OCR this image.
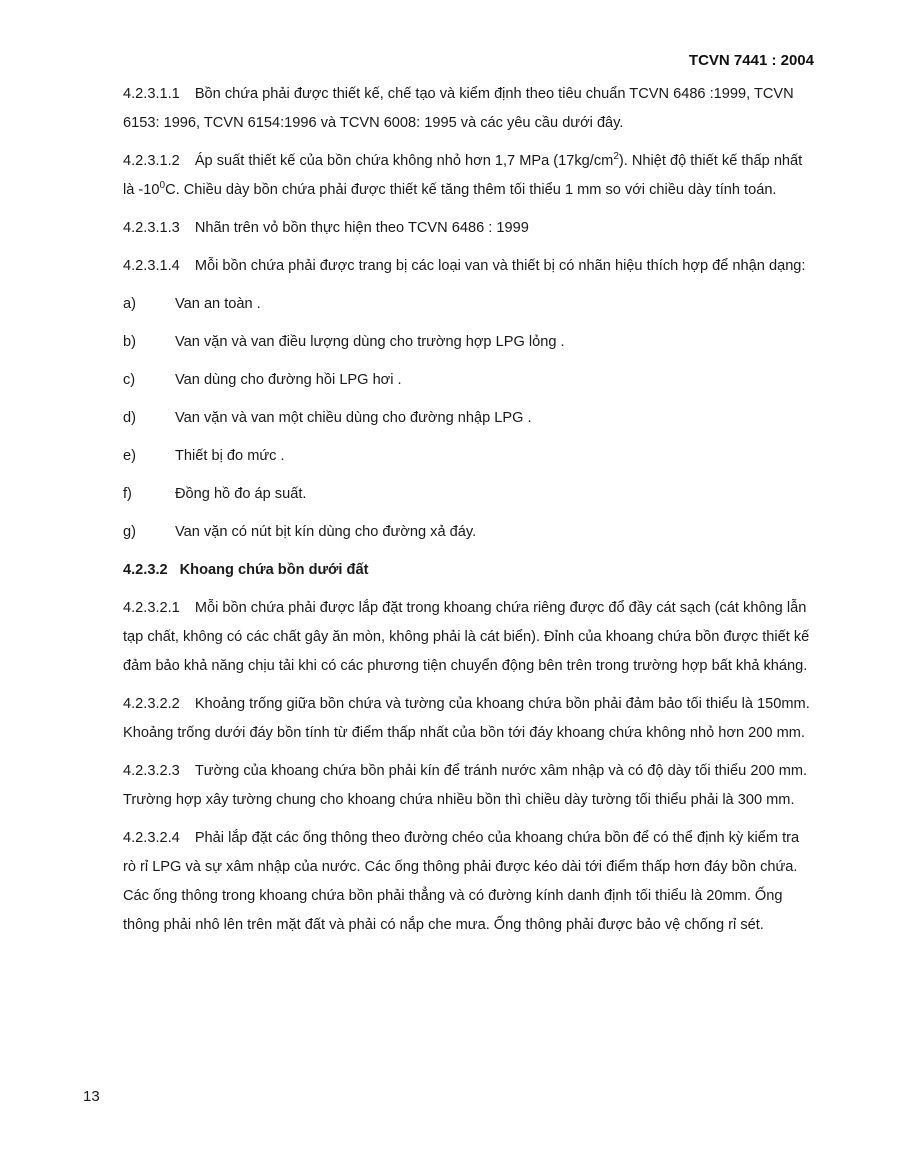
TCVN 7441 : 2004

4.2.3.1.1 Bồn chứa phải được thiết kế, chế tạo và kiểm định theo tiêu chuẩn TCVN 6486 :1999, TCVN 6153: 1996, TCVN 6154:1996 và TCVN 6008: 1995 và các yêu cầu dưới đây.

4.2.3.1.2 Áp suất thiết kế của bồn chứa không nhỏ hơn 1,7 MPa $(17kg/cm^2)$. Nhiệt độ thiết kế thấp nhất là $-10^0C$. Chiều dày bồn chứa phải được thiết kế tăng thêm tối thiểu 1 mm so với chiều dày tính toán.

4.2.3.1.3 Nhãn trên vỏ bồn thực hiện theo TCVN 6486 : 1999

4.2.3.1.4 Mỗi bồn chứa phải được trang bị các loại van và thiết bị có nhãn hiệu thích hợp để nhận dạng:

a)	Van an toàn .
b)	Van vặn và van điều lượng dùng cho trường hợp LPG lỏng .
c)	Van dùng cho đường hồi LPG hơi .
d)	Van vặn và van một chiều dùng cho đường nhập LPG .
e)	Thiết bị đo mức .
f)	Đồng hồ đo áp suất.
g)	Van vặn có nút bịt kín dùng cho đường xả đáy.

4.2.3.2 Khoang chứa bồn dưới đất

4.2.3.2.1 Mỗi bồn chứa phải được lắp đặt trong khoang chứa riêng được đổ đầy cát sạch (cát không lẫn tạp chất, không có các chất gây ăn mòn, không phải là cát biển). Đỉnh của khoang chứa bồn được thiết kế đảm bảo khả năng chịu tải khi có các phương tiện chuyển động bên trên trong trường hợp bất khả kháng.

4.2.3.2.2 Khoảng trống giữa bồn chứa và tường của khoang chứa bồn phải đảm bảo tối thiểu là 150mm. Khoảng trống dưới đáy bồn tính từ điểm thấp nhất của bồn tới đáy khoang chứa không nhỏ hơn 200 mm.

4.2.3.2.3 Tường của khoang chứa bồn phải kín để tránh nước xâm nhập và có độ dày tối thiểu 200 mm. Trường hợp xây tường chung cho khoang chứa nhiều bồn thì chiều dày tường tối thiểu phải là 300 mm.

4.2.3.2.4 Phải lắp đặt các ống thông theo đường chéo của khoang chứa bồn để có thể định kỳ kiểm tra rò rỉ LPG và sự xâm nhập của nước. Các ống thông phải được kéo dài tới điểm thấp hơn đáy bồn chứa. Các ống thông trong khoang chứa bồn phải thẳng và có đường kính danh định tối thiểu là 20mm. Ống thông phải nhô lên trên mặt đất và phải có nắp che mưa. Ống thông phải được bảo vệ chống rỉ sét.

13
